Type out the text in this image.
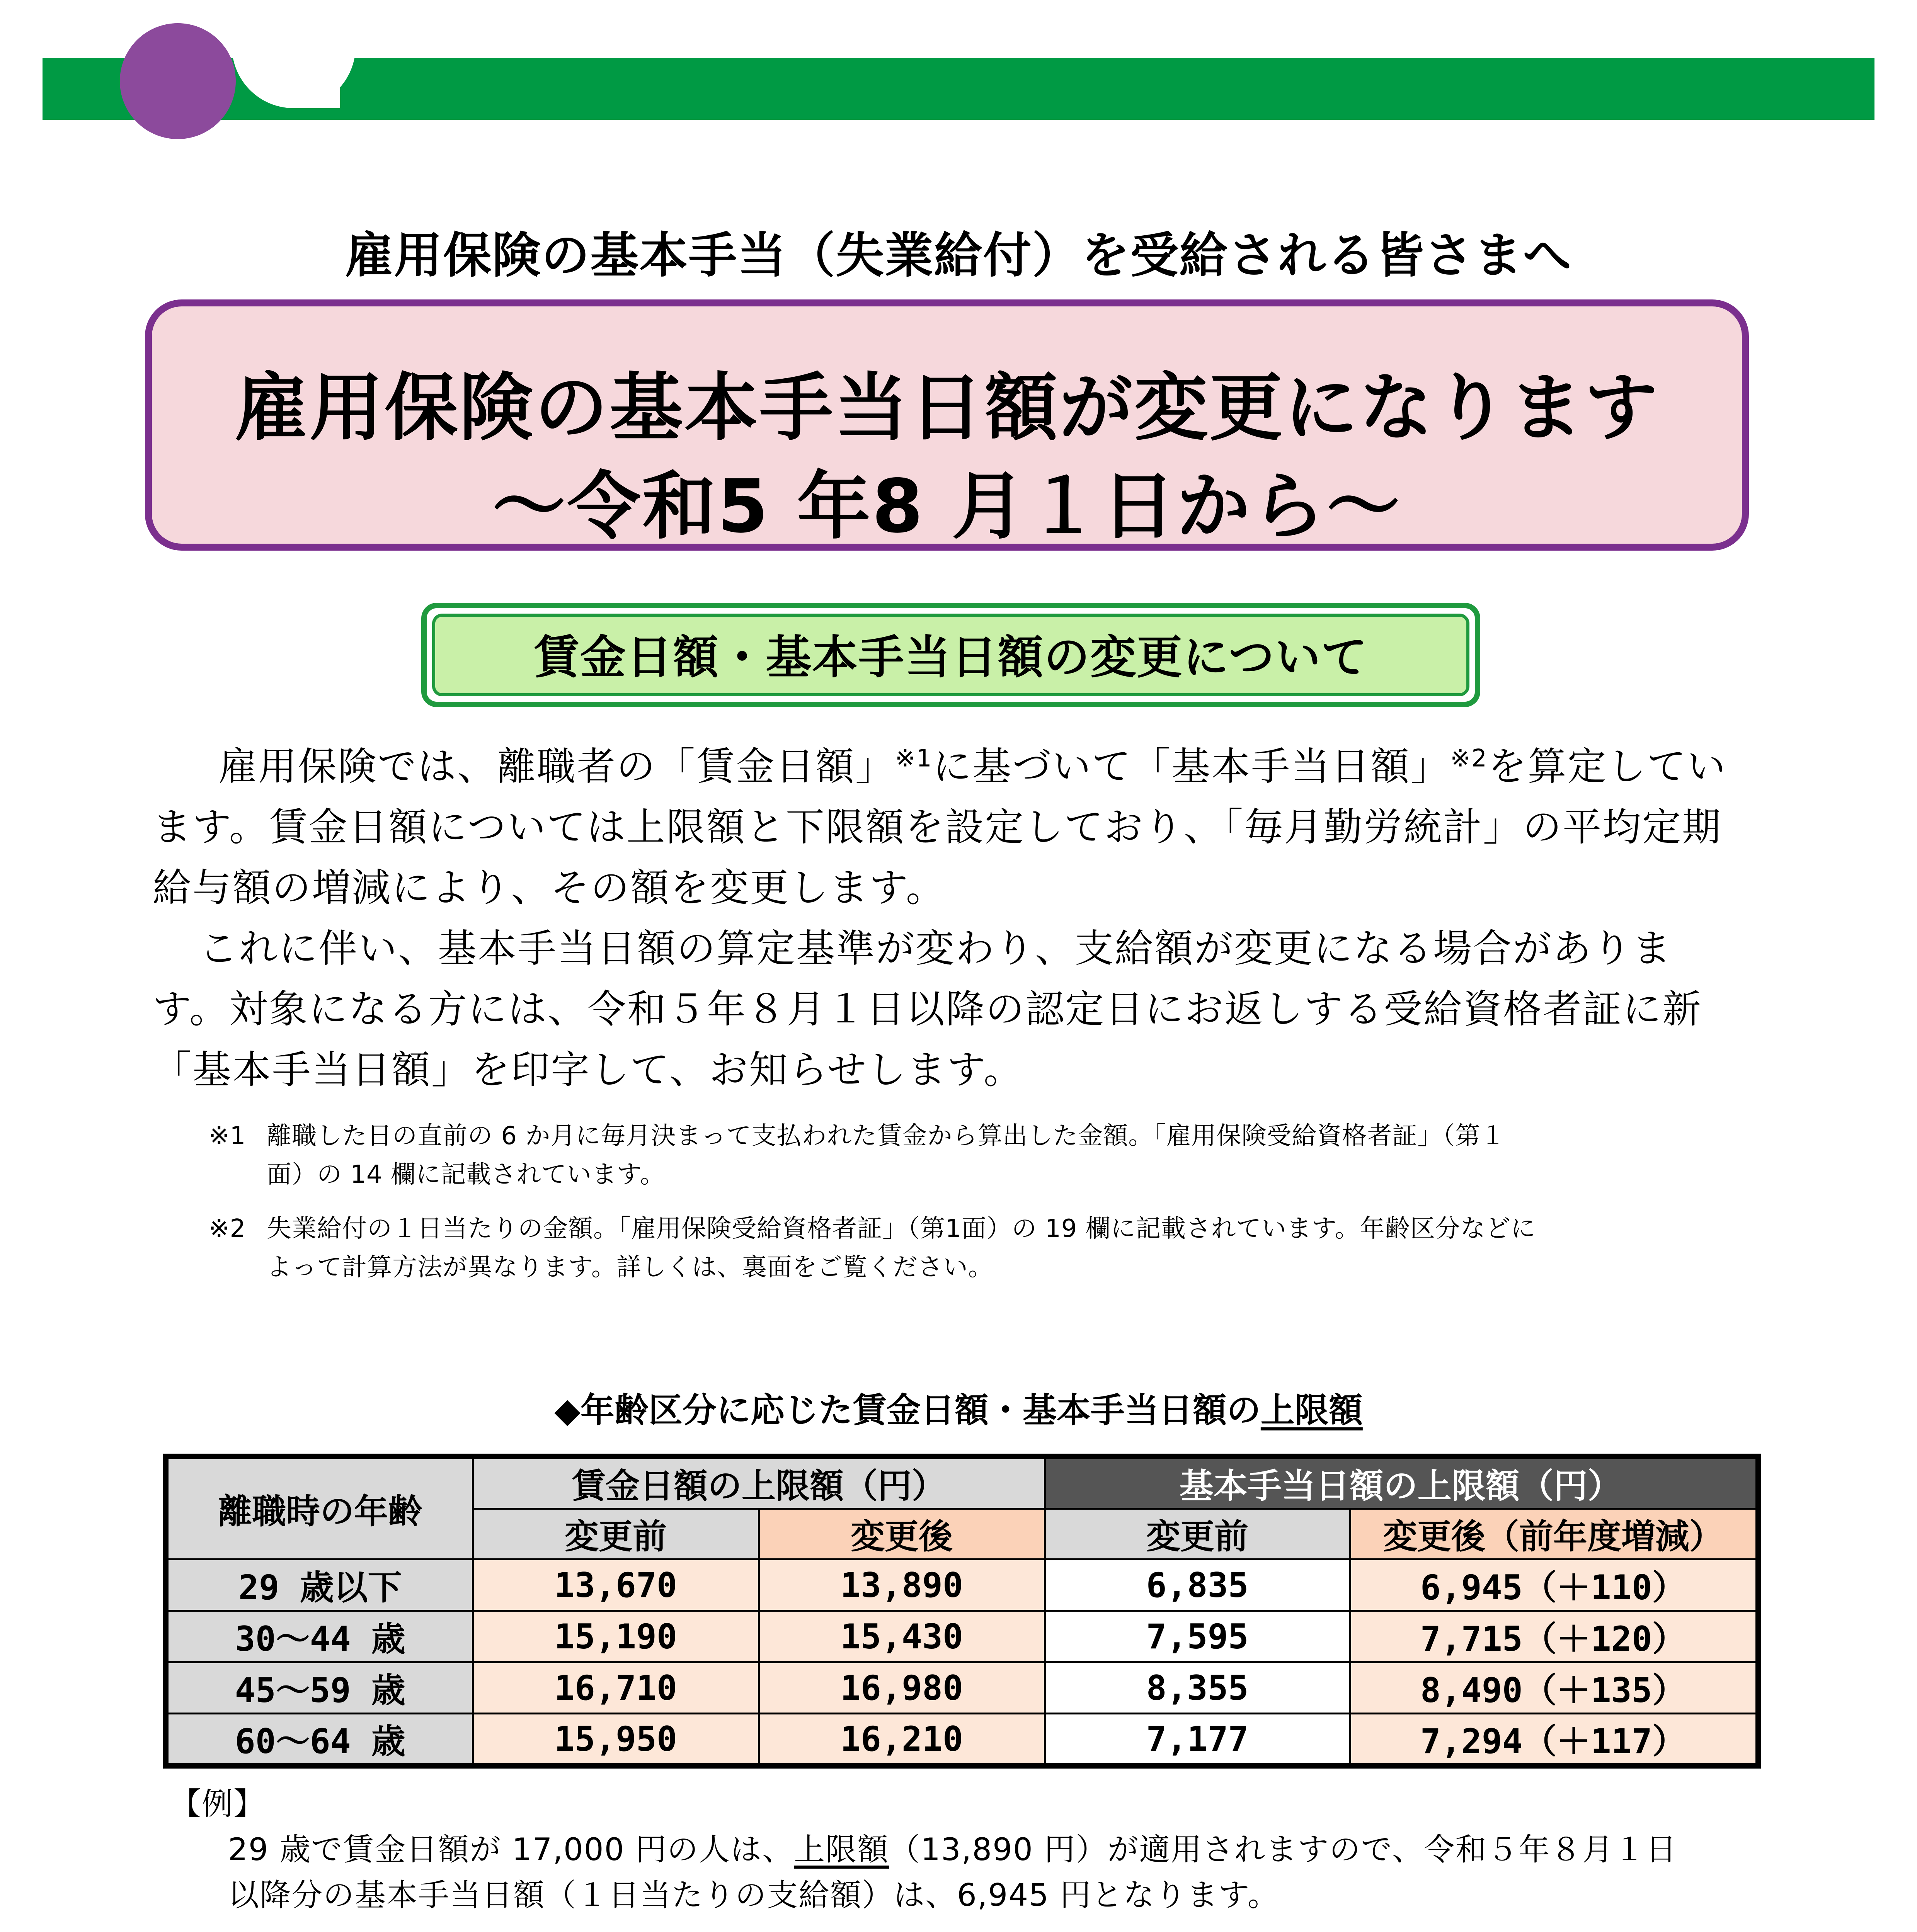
雇用保険の基本手当（失業給付）を受給される皆さまへ
雇用保険の基本手当日額が変更になります
～令和5 年8 月１日から～
賃金日額・基本手当日額の変更について

雇用保険では、離職者の「賃金日額」$^{※1}$に基づいて「基本手当日額」$^{※2}$を算定しています。賃金日額については上限額と下限額を設定しており、「毎月勤労統計」の平均定期給与額の増減により、その額を変更します。

これに伴い、基本手当日額の算定基準が変わり、支給額が変更になる場合があります。対象になる方には、令和５年８月１日以降の認定日にお返しする受給資格者証に新「基本手当日額」を印字して、お知らせします。

※1 離職した日の直前の 6 か月に毎月決まって支払われた賃金から算出した金額。「雇用保険受給資格者証」（第１
面）の 14 欄に記載されています。
※2 失業給付の１日当たりの金額。「雇用保険受給資格者証」（第1面）の 19 欄に記載されています。年齢区分などに
よって計算方法が異なります。詳しくは、裏面をご覧ください。
◆年齢区分に応じた賃金日額・基本手当日額の上限額
離職時の年齢	賃金日額の上限額（円）		基本手当日額の上限額（円）	
	変更前	変更後	変更前	変更後（前年度増減）
29 歳以下	13,670	13,890	6,835	6,945（＋110）
30～44 歳	15,190	15,430	7,595	7,715（＋120）
45～59 歳	16,710	16,980	8,355	8,490（＋135）
60～64 歳	15,950	16,210	7,177	7,294（＋117）
【例】
29 歳で賃金日額が 17,000 円の人は、上限額（13,890 円）が適用されますので、令和５年８月１日
以降分の基本手当日額（１日当たりの支給額）は、6,945 円となります。
